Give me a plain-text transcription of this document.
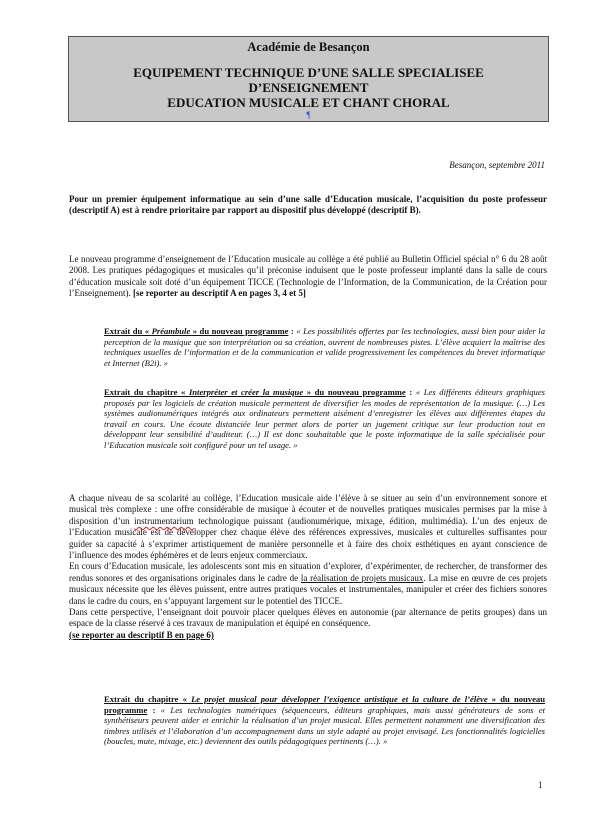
Académie de Besançon
EQUIPEMENT TECHNIQUE D’UNE SALLE SPECIALISEE
D’ENSEIGNEMENT
EDUCATION MUSICALE ET CHANT CHORAL
¶
Besançon, septembre 2011
Pour un premier équipement informatique au sein d’une salle d’Education musicale, l’acquisition du poste professeur (descriptif A) est à rendre prioritaire par rapport au dispositif plus développé (descriptif B).
Le nouveau programme d’enseignement de l’Education musicale au collège a été publié au Bulletin Officiel spécial n° 6 du 28 août 2008. Les pratiques pédagogiques et musicales qu’il préconise induisent que le poste professeur implanté dans la salle de cours d’éducation musicale soit doté d’un équipement TICCE (Technologie de l’Information, de la Communication, de la Création pour l’Enseignement). [se reporter au descriptif A en pages 3, 4 et 5]
Extrait du « Préambule » du nouveau programme : « Les possibilités offertes par les technologies, aussi bien pour aider la perception de la musique que son interprétation ou sa création, ouvrent de nombreuses pistes. L’élève acquiert la maîtrise des techniques usuelles de l’information et de la communication et valide progressivement les compétences du brevet informatique et Internet (B2i). »
Extrait du chapitre « Interpréter et créer la musique » du nouveau programme : « Les différents éditeurs graphiques proposés par les logiciels de création musicale permettent de diversifier les modes de représentation de la musique. (…) Les systèmes audionumériques intégrés aux ordinateurs permettent aisément d’enregistrer les élèves aux différentes étapes du travail en cours. Une écoute distanciée leur permet alors de porter un jugement critique sur leur production tout en développant leur sensibilité d’auditeur. (…) Il est donc souhaitable que le poste informatique de la salle spécialisée pour l’Education musicale soit configuré pour un tel usage. »
A chaque niveau de sa scolarité au collège, l’Education musicale aide l’élève à se situer au sein d’un environnement sonore et musical très complexe : une offre considérable de musique à écouter et de nouvelles pratiques musicales permises par la mise à disposition d’un instrumentarium technologique puissant (audionumérique, mixage, édition, multimédia). L’un des enjeux de l’Education musicale est de développer chez chaque élève des références expressives, musicales et culturelles suffisantes pour guider sa capacité à s’exprimer artistiquement de manière personnelle et à faire des choix esthétiques en ayant conscience de l’influence des modes éphémères et de leurs enjeux commerciaux.
En cours d’Education musicale, les adolescents sont mis en situation d’explorer, d’expérimenter, de rechercher, de transformer des rendus sonores et des organisations originales dans le cadre de la réalisation de projets musicaux. La mise en œuvre de ces projets musicaux nécessite que les élèves puissent, entre autres pratiques vocales et instrumentales, manipuler et créer des fichiers sonores dans le cadre du cours, en s’appuyant largement sur le potentiel des TICCE.
Dans cette perspective, l’enseignant doit pouvoir placer quelques élèves en autonomie (par alternance de petits groupes) dans un espace de la classe réservé à ces travaux de manipulation et équipé en conséquence.
(se reporter au descriptif B en page 6)
Extrait du chapitre « Le projet musical pour développer l’exigence artistique et la culture de l’élève » du nouveau programme : « Les technologies numériques (séquenceurs, éditeurs graphiques, mais aussi générateurs de sons et synthétiseurs peuvent aider et enrichir la réalisation d’un projet musical. Elles permettent notamment une diversification des timbres utilisés et l’élaboration d’un accompagnement dans un style adapté au projet envisagé. Les fonctionnalités logicielles (boucles, mute, mixage, etc.) deviennent des outils pédagogiques pertinents (…). »
1
